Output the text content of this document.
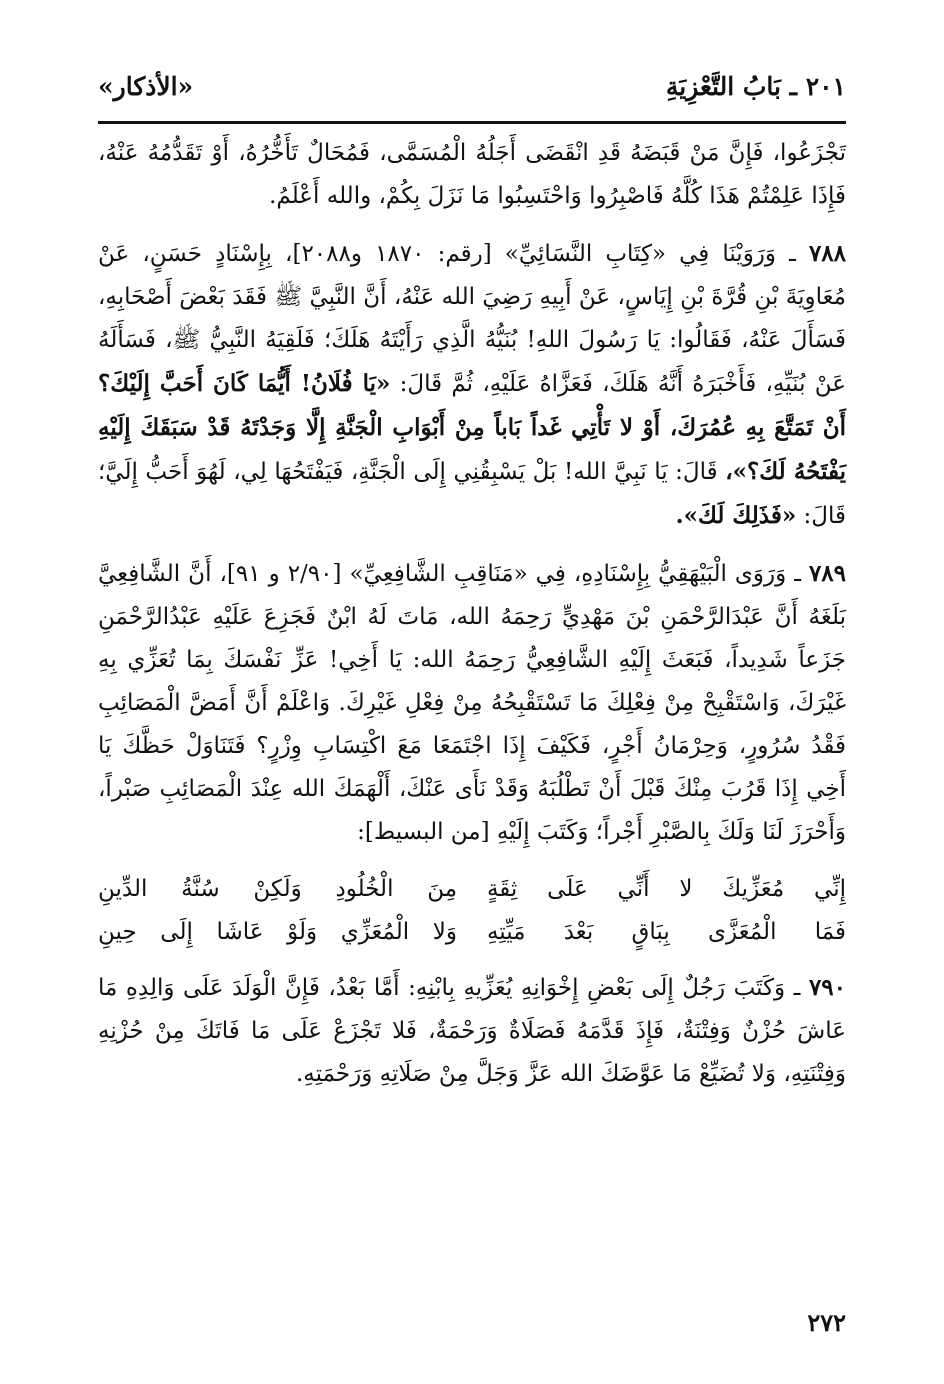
٢٠١ ـ بَابُ التَّعْزِيَةِ
«الأذكار»

تَجْزَعُوا، فَإِنَّ مَنْ قَبَضَهُ قَدِ انْقَضَى أَجَلُهُ الْمُسَمَّى، فَمُحَالٌ تَأَخُّرُهُ، أَوْ تَقَدُّمُهُ عَنْهُ، فَإِذَا عَلِمْتُمْ هَذَا كُلَّهُ فَاصْبِرُوا وَاحْتَسِبُوا مَا نَزَلَ بِكُمْ، والله أَعْلَمُ.

٧٨٨ ـ وَرَوَيْنَا فِي «كِتَابِ النَّسَائِيِّ» [رقم: ١٨٧٠ و٢٠٨٨]، بِإِسْنَادٍ حَسَنٍ، عَنْ مُعَاوِيَةَ بْنِ قُرَّةَ بْنِ إِيَاسٍ، عَنْ أَبِيهِ رَضِيَ الله عَنْهُ، أَنَّ النَّبِيَّ ﷺ فَقَدَ بَعْضَ أَصْحَابِهِ، فَسَأَلَ عَنْهُ، فَقَالُوا: يَا رَسُولَ اللهِ! بُنَيُّهُ الَّذِي رَأَيْتَهُ هَلَكَ؛ فَلَقِيَهُ النَّبِيُّ ﷺ، فَسَأَلَهُ عَنْ بُنَيِّهِ، فَأَخْبَرَهُ أَنَّهُ هَلَكَ، فَعَزَّاهُ عَلَيْهِ، ثُمَّ قَالَ: «يَا فُلَانُ! أَيُّمَا كَانَ أَحَبَّ إِلَيْكَ؟ أَنْ تَمَتَّعَ بِهِ عُمُرَكَ، أَوْ لا تَأْتِي غَداً بَاباً مِنْ أَبْوَابِ الْجَنَّةِ إِلَّا وَجَدْتَهُ قَدْ سَبَقَكَ إِلَيْهِ يَفْتَحُهُ لَكَ؟»، قَالَ: يَا نَبِيَّ الله! بَلْ يَسْبِقُنِي إِلَى الْجَنَّةِ، فَيَفْتَحُهَا لِي، لَهُوَ أَحَبُّ إِلَيَّ؛ قَالَ: «فَذَلِكَ لَكَ».

٧٨٩ ـ وَرَوَى الْبَيْهَقِيُّ بِإِسْنَادِهِ، فِي «مَنَاقِبِ الشَّافِعِيِّ» [٢/٩٠ و ٩١]، أَنَّ الشَّافِعِيَّ بَلَغَهُ أَنَّ عَبْدَالرَّحْمَنِ بْنَ مَهْدِيٍّ رَحِمَهُ الله، مَاتَ لَهُ ابْنٌ فَجَزِعَ عَلَيْهِ عَبْدُالرَّحْمَنِ جَزَعاً شَدِيداً، فَبَعَثَ إِلَيْهِ الشَّافِعِيُّ رَحِمَهُ الله: يَا أَخِي! عَزِّ نَفْسَكَ بِمَا تُعَزِّي بِهِ غَيْرَكَ، وَاسْتَقْبِحْ مِنْ فِعْلِكَ مَا تَسْتَقْبِحُهُ مِنْ فِعْلِ غَيْرِكَ. وَاعْلَمْ أَنَّ أَمَضَّ الْمَصَائِبِ فَقْدُ سُرُورٍ، وَحِرْمَانُ أَجْرٍ، فَكَيْفَ إِذَا اجْتَمَعَا مَعَ اكْتِسَابِ وِزْرٍ؟ فَتَنَاوَلْ حَظَّكَ يَا أَخِي إِذَا قَرُبَ مِنْكَ قَبْلَ أَنْ تَطْلُبَهُ وَقَدْ نَأَى عَنْكَ، أَلْهَمَكَ الله عِنْدَ الْمَصَائِبِ صَبْراً، وَأَحْرَزَ لَنَا وَلَكَ بِالصَّبْرِ أَجْراً؛ وَكَتَبَ إِلَيْهِ [من البسيط]:

إِنِّي مُعَزِّيكَ لا أَنِّي عَلَى ثِقَةٍ
مِنَ الْخُلُودِ وَلَكِنْ سُنَّةُ الدِّينِ
فَمَا الْمُعَزَّى بِبَاقٍ بَعْدَ مَيِّتِهِ
وَلا الْمُعَزِّي وَلَوْ عَاشَا إِلَى حِينِ

٧٩٠ ـ وَكَتَبَ رَجُلٌ إِلَى بَعْضِ إِخْوَانِهِ يُعَزِّيهِ بِابْنِهِ: أَمَّا بَعْدُ، فَإِنَّ الْوَلَدَ عَلَى وَالِدِهِ مَا عَاشَ حُزْنٌ وَفِتْنَةٌ، فَإِذَ قَدَّمَهُ فَصَلَاةٌ وَرَحْمَةٌ، فَلا تَجْزَعْ عَلَى مَا فَاتَكَ مِنْ حُزْنِهِ وَفِتْنَتِهِ، وَلا تُضَيِّعْ مَا عَوَّضَكَ الله عَزَّ وَجَلَّ مِنْ صَلَاتِهِ وَرَحْمَتِهِ.

٢٧٢
